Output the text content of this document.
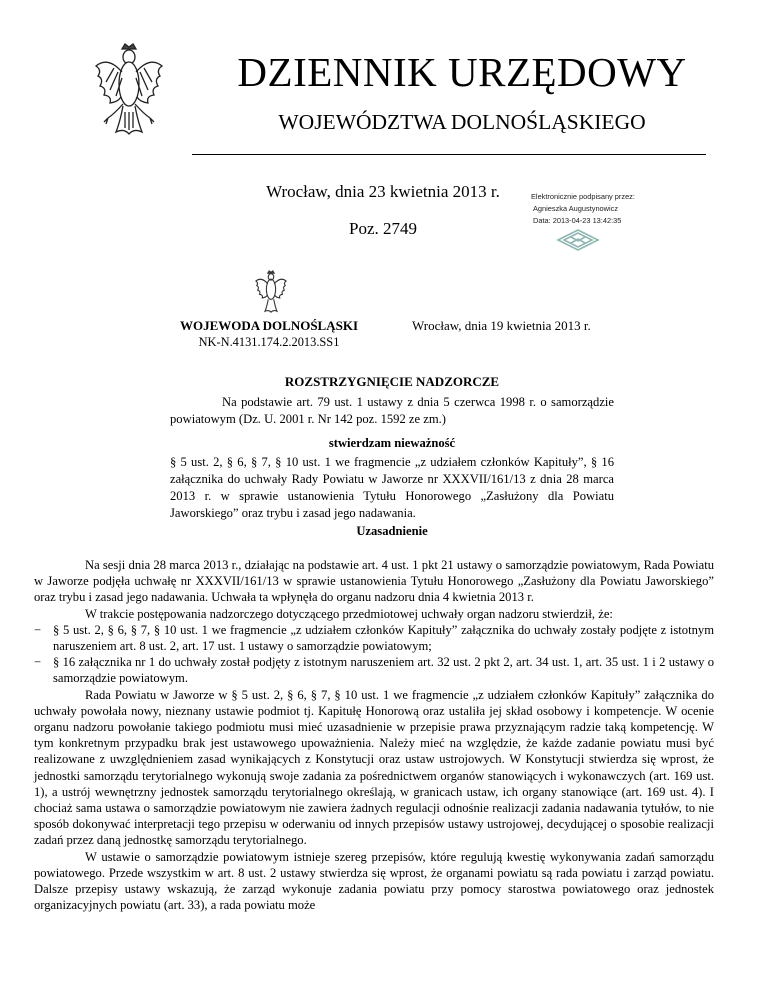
DZIENNIK URZĘDOWY
WOJEWÓDZTWA DOLNOŚLĄSKIEGO
Wrocław, dnia 23 kwietnia 2013 r.
Poz. 2749
Elektronicznie podpisany przez:
Agnieszka Augustynowicz
Data: 2013-04-23 13:42:35
WOJEWODA DOLNOŚLĄSKI
NK-N.4131.174.2.2013.SS1
Wrocław, dnia 19 kwietnia 2013 r.
ROZSTRZYGNIĘCIE NADZORCZE
Na podstawie art. 79 ust. 1 ustawy z dnia 5 czerwca 1998 r. o samorządzie powiatowym (Dz. U. 2001 r. Nr 142 poz. 1592 ze zm.)
stwierdzam nieważność
§ 5 ust. 2, § 6, § 7, § 10 ust. 1 we fragmencie „z udziałem członków Kapituły”, § 16 załącznika do uchwały Rady Powiatu w Jaworze nr XXXVII/161/13 z dnia 28 marca 2013 r. w sprawie ustanowienia Tytułu Honorowego „Zasłużony dla Powiatu Jaworskiego” oraz trybu i zasad jego nadawania.
Uzasadnienie

Na sesji dnia 28 marca 2013 r., działając na podstawie art. 4 ust. 1 pkt 21 ustawy o samorządzie powiatowym, Rada Powiatu w Jaworze podjęła uchwałę nr XXXVII/161/13 w sprawie ustanowienia Tytułu Honorowego „Zasłużony dla Powiatu Jaworskiego” oraz trybu i zasad jego nadawania. Uchwała ta wpłynęła do organu nadzoru dnia 4 kwietnia 2013 r.

W trakcie postępowania nadzorczego dotyczącego przedmiotowej uchwały organ nadzoru stwierdził, że:

− § 5 ust. 2, § 6, § 7, § 10 ust. 1 we fragmencie „z udziałem członków Kapituły” załącznika do uchwały zostały podjęte z istotnym naruszeniem art. 8 ust. 2, art. 17 ust. 1 ustawy o samorządzie powiatowym;
− § 16 załącznika nr 1 do uchwały został podjęty z istotnym naruszeniem art. 32 ust. 2 pkt 2, art. 34 ust. 1, art. 35 ust. 1 i 2 ustawy o samorządzie powiatowym.

Rada Powiatu w Jaworze w § 5 ust. 2, § 6, § 7, § 10 ust. 1 we fragmencie „z udziałem członków Kapituły” załącznika do uchwały powołała nowy, nieznany ustawie podmiot tj. Kapitułę Honorową oraz ustaliła jej skład osobowy i kompetencje. W ocenie organu nadzoru powołanie takiego podmiotu musi mieć uzasadnienie w przepisie prawa przyznającym radzie taką kompetencję. W tym konkretnym przypadku brak jest ustawowego upoważnienia. Należy mieć na względzie, że każde zadanie powiatu musi być realizowane z uwzględnieniem zasad wynikających z Konstytucji oraz ustaw ustrojowych. W Konstytucji stwierdza się wprost, że jednostki samorządu terytorialnego wykonują swoje zadania za pośrednictwem organów stanowiących i wykonawczych (art. 169 ust. 1), a ustrój wewnętrzny jednostek samorządu terytorialnego określają, w granicach ustaw, ich organy stanowiące (art. 169 ust. 4). I chociaż sama ustawa o samorządzie powiatowym nie zawiera żadnych regulacji odnośnie realizacji zadania nadawania tytułów, to nie sposób dokonywać interpretacji tego przepisu w oderwaniu od innych przepisów ustawy ustrojowej, decydującej o sposobie realizacji zadań przez daną jednostkę samorządu terytorialnego.

W ustawie o samorządzie powiatowym istnieje szereg przepisów, które regulują kwestię wykonywania zadań samorządu powiatowego. Przede wszystkim w art. 8 ust. 2 ustawy stwierdza się wprost, że organami powiatu są rada powiatu i zarząd powiatu. Dalsze przepisy ustawy wskazują, że zarząd wykonuje zadania powiatu przy pomocy starostwa powiatowego oraz jednostek organizacyjnych powiatu (art. 33), a rada powiatu może
